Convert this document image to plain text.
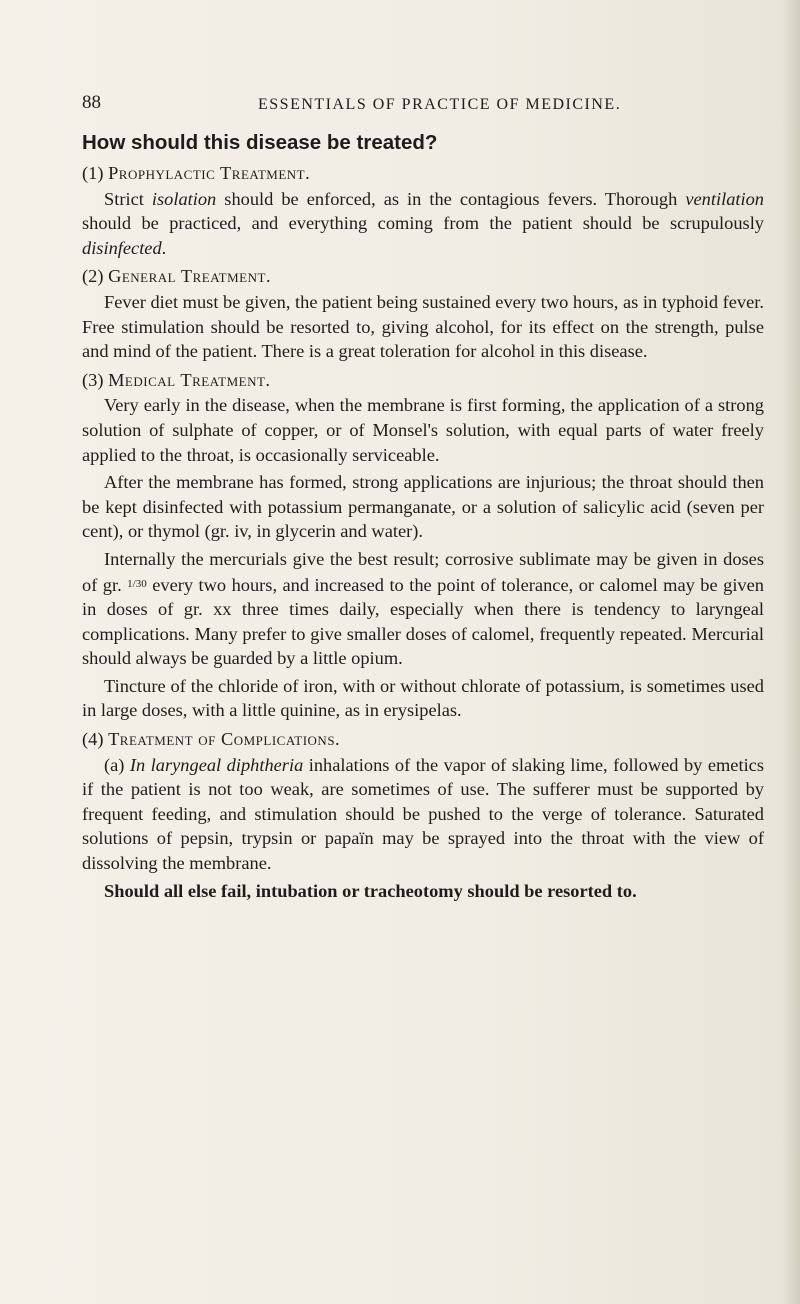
88	ESSENTIALS OF PRACTICE OF MEDICINE.
How should this disease be treated?
(1) Prophylactic Treatment.

Strict isolation should be enforced, as in the contagious fevers. Thorough ventilation should be practiced, and everything coming from the patient should be scrupulously disinfected.

(2) General Treatment.

Fever diet must be given, the patient being sustained every two hours, as in typhoid fever. Free stimulation should be resorted to, giving alcohol, for its effect on the strength, pulse and mind of the patient. There is a great toleration for alcohol in this disease.

(3) Medical Treatment.

Very early in the disease, when the membrane is first forming, the application of a strong solution of sulphate of copper, or of Monsel's solution, with equal parts of water freely applied to the throat, is occasionally serviceable.

After the membrane has formed, strong applications are injurious; the throat should then be kept disinfected with potassium permanganate, or a solution of salicylic acid (seven per cent), or thymol (gr. iv, in glycerin and water).

Internally the mercurials give the best result; corrosive sublimate may be given in doses of gr. $^{1/30}$ every two hours, and increased to the point of tolerance, or calomel may be given in doses of gr. xx three times daily, especially when there is tendency to laryngeal complications. Many prefer to give smaller doses of calomel, frequently repeated. Mercurial should always be guarded by a little opium.

Tincture of the chloride of iron, with or without chlorate of potassium, is sometimes used in large doses, with a little quinine, as in erysipelas.

(4) Treatment of Complications.

(a) In laryngeal diphtheria inhalations of the vapor of slaking lime, followed by emetics if the patient is not too weak, are sometimes of use. The sufferer must be supported by frequent feeding, and stimulation should be pushed to the verge of tolerance. Saturated solutions of pepsin, trypsin or papaïn may be sprayed into the throat with the view of dissolving the membrane.

Should all else fail, intubation or tracheotomy should be resorted to.
